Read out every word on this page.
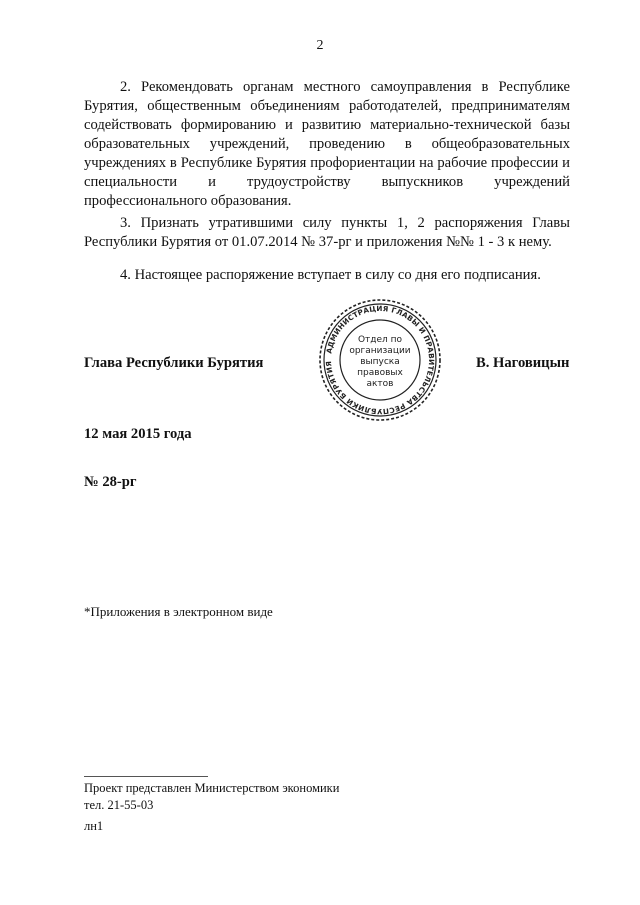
2
2. Рекомендовать органам местного самоуправления в Республике Бурятия, общественным объединениям работодателей, предпринимателям содействовать формированию и развитию материально-технической базы образовательных учреждений, проведению в общеобразовательных учреждениях в Республике Бурятия профориентации на рабочие профессии и специальности и трудоустройству выпускников учреждений профессионального образования.
3. Признать утратившими силу пункты 1, 2 распоряжения Главы Республики Бурятия от 01.07.2014 № 37-рг и приложения №№ 1 - 3 к нему.
4. Настоящее распоряжение вступает в силу со дня его подписания.
Глава Республики Бурятия	В. Наговицын
12 мая 2015 года
№ 28-рг
*Приложения в электронном виде
Проект представлен Министерством экономики
тел. 21-55-03
лн1
АДМИНИСТРАЦИЯ ГЛАВЫ И ПРАВИТЕЛЬСТВА РЕСПУБЛИКИ БУРЯТИЯ
Отдел по
организации
выпуска
правовых
актов
